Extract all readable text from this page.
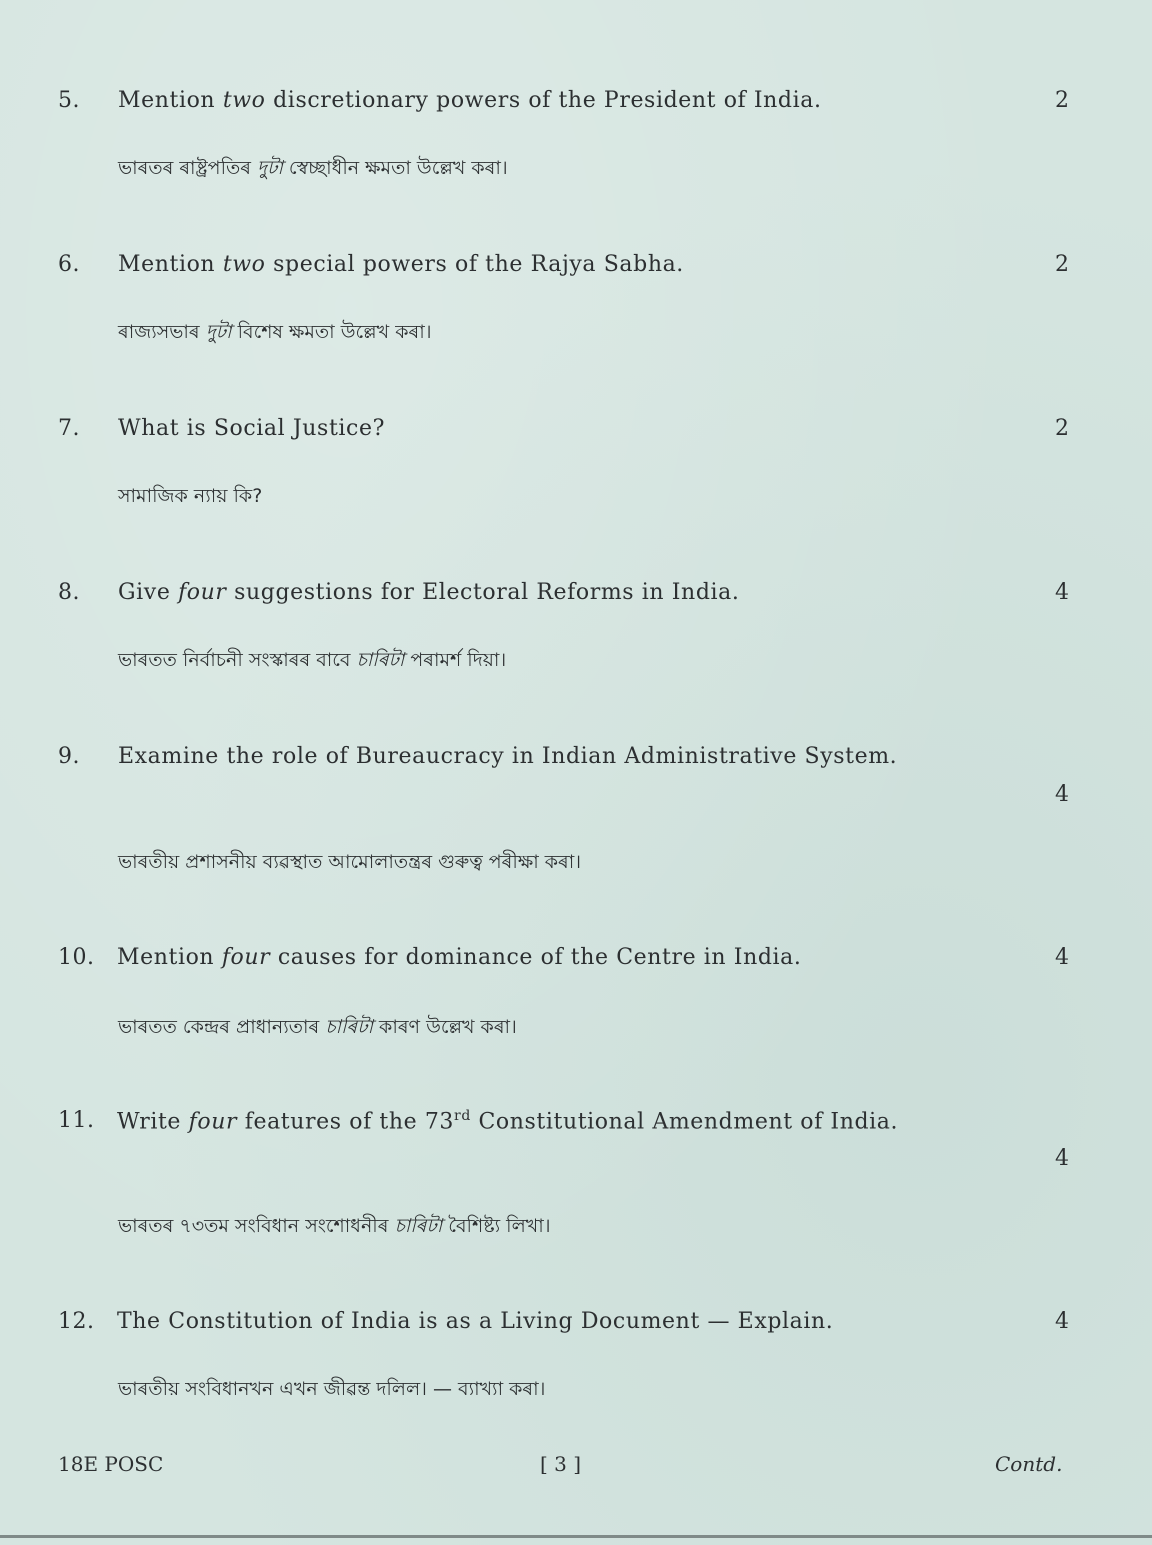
5. Mention two discretionary powers of the President of India.	2
ভাৰতৰ ৰাষ্ট্ৰপতিৰ দুটা স্বেচ্ছাধীন ক্ষমতা উল্লেখ কৰা।
6. Mention two special powers of the Rajya Sabha.	2
ৰাজ্যসভাৰ দুটা বিশেষ ক্ষমতা উল্লেখ কৰা।
7. What is Social Justice?	2
সামাজিক ন্যায় কি?
8. Give four suggestions for Electoral Reforms in India.	4
ভাৰতত নিৰ্বাচনী সংস্কাৰৰ বাবে চাৰিটা পৰামৰ্শ দিয়া।
9. Examine the role of Bureaucracy in Indian Administrative System.
4
ভাৰতীয় প্ৰশাসনীয় ব্যৱস্থাত আমোলাতন্ত্ৰৰ গুৰুত্ব পৰীক্ষা কৰা।
10. Mention four causes for dominance of the Centre in India.	4
ভাৰতত কেন্দ্ৰৰ প্ৰাধান্যতাৰ চাৰিটা কাৰণ উল্লেখ কৰা।
11. Write four features of the 73rd Constitutional Amendment of India.
4
ভাৰতৰ ৭৩তম সংবিধান সংশোধনীৰ চাৰিটা বৈশিষ্ট্য লিখা।
12. The Constitution of India is as a Living Document — Explain.	4
ভাৰতীয় সংবিধানখন এখন জীৱন্ত দলিল। — ব্যাখ্যা কৰা।
18E POSC	[ 3 ]	Contd.
